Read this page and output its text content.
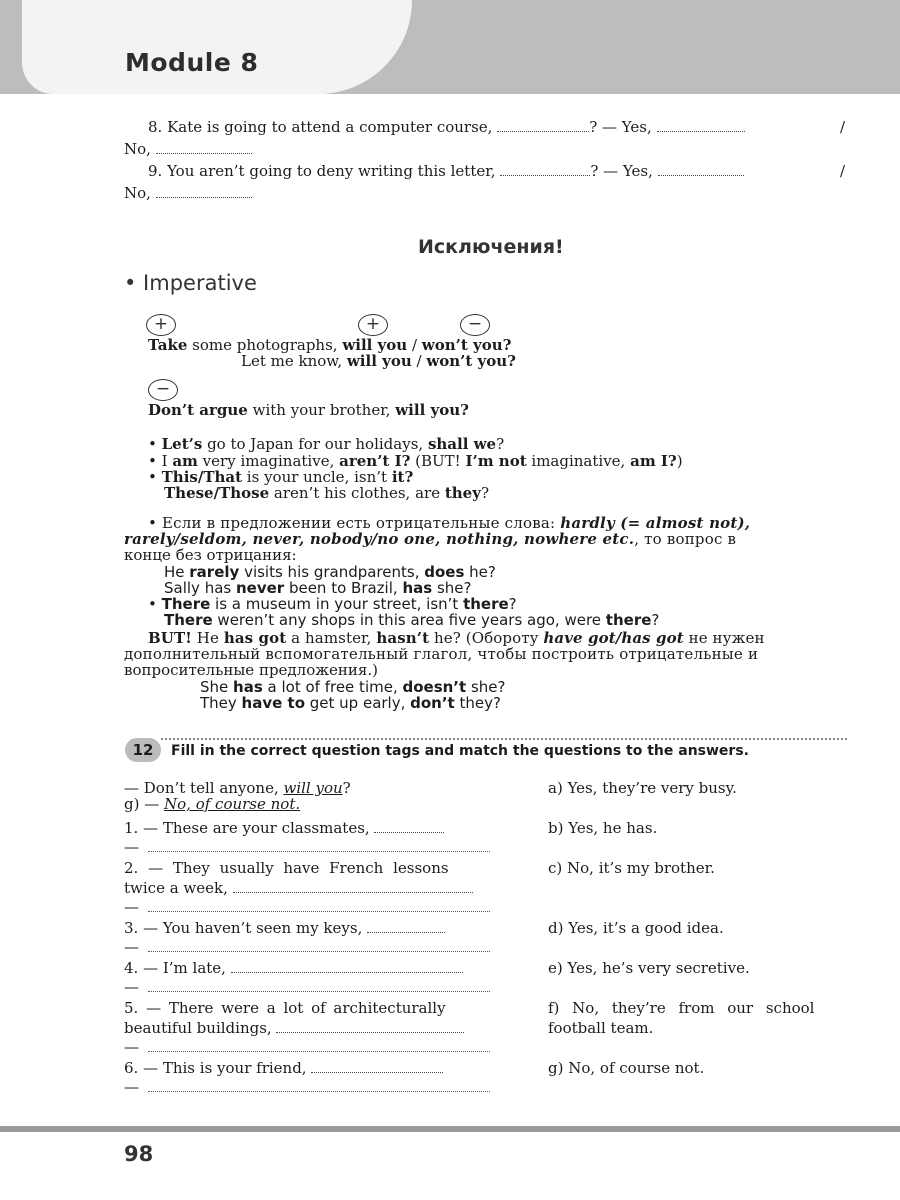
Module 8
8. Kate is going to attend a computer course,	? — Yes,	/
No,
9. You aren’t going to deny writing this letter,	? — Yes,	/
No,
Исключения!
• Imperative
+	+	−
−
Take some photographs, will you / won’t you?
Let me know, will you / won’t you?
Don’t argue with your brother, will you?
• Let’s go to Japan for our holidays, shall we?
• I am very imaginative, aren’t I? (BUT! I’m not imaginative, am I?)
• This/That is your uncle, isn’t it?
These/Those aren’t his clothes, are they?
• Если в предложении есть отрицательные слова: hardly (= almost not),
rarely/seldom, never, nobody/no one, nothing, nowhere etc., то вопрос в
конце без отрицания:
He rarely visits his grandparents, does he?
Sally has never been to Brazil, has she?
• There is a museum in your street, isn’t there?
There weren’t any shops in this area five years ago, were there?
BUT! He has got a hamster, hasn’t he? (Обороту have got/has got не нужен
дополнительный вспомогательный глагол, чтобы построить отрицательные и
вопросительные предложения.)
She has a lot of free time, doesn’t she?
They have to get up early, don’t they?
12	Fill in the correct question tags and match the questions to the answers.
— Don’t tell anyone, will you?
g) — No, of course not.
1. — These are your classmates,
—
2. — They usually have French lessons
twice a week,
—
3. — You haven’t seen my keys,
—
4. — I’m late,
—
5. — There were a lot of architecturally
beautiful buildings,
—
6. — This is your friend,
—
a) Yes, they’re very busy.
b) Yes, he has.
c) No, it’s my brother.
d) Yes, it’s a good idea.
e) Yes, he’s very secretive.
f) No, they’re from our school
football team.
g) No, of course not.
98
